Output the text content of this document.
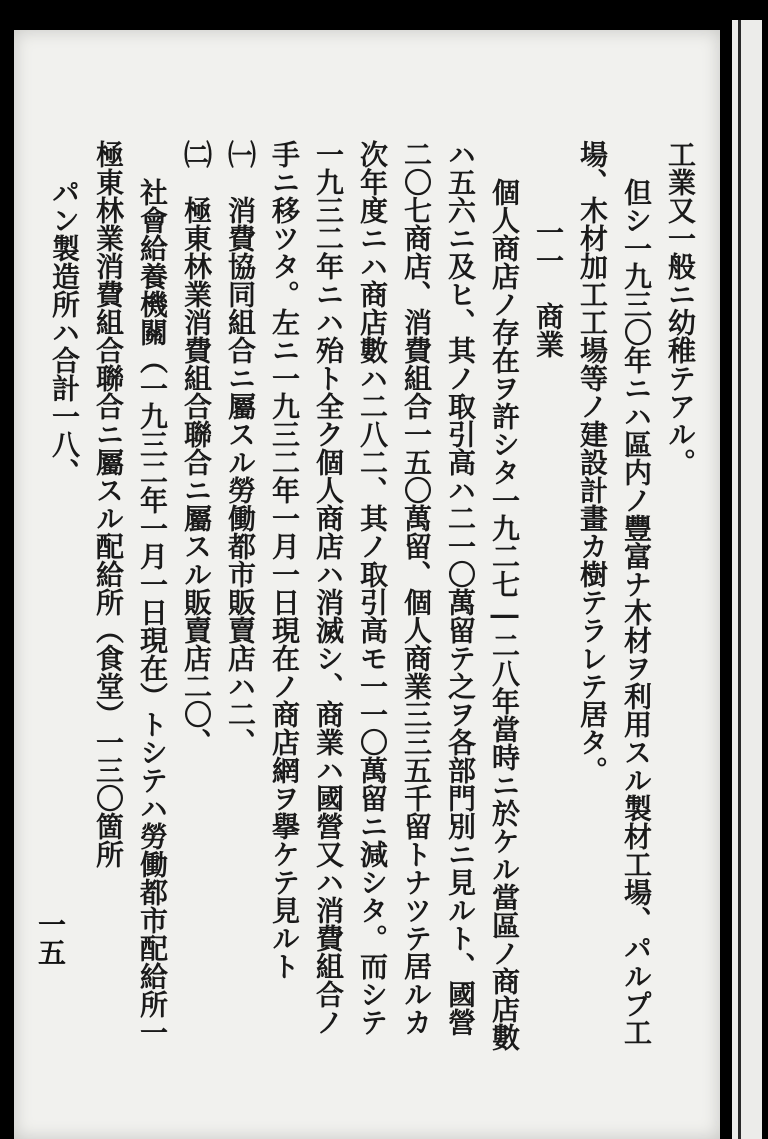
工業又一般ニ幼稚テアル。
但シ一九三〇年ニハ區内ノ豐富ナ木材ヲ利用スル製材工場、パルプ工
場、木材加工工場等ノ建設計畫カ樹テラレテ居タ。
一一　商業
個人商店ノ存在ヲ許シタ一九二七―二八年當時ニ於ケル當區ノ商店數
ハ五六ニ及ヒ、其ノ取引高ハ二一〇萬留テ之ヲ各部門別ニ見ルト、國營
二〇七商店、消費組合一五〇萬留、個人商業三三五千留トナツテ居ルカ
次年度ニハ商店數ハ二八二、其ノ取引高モ一一〇萬留ニ減シタ。而シテ
一九三二年ニハ殆ト全ク個人商店ハ消滅シ、商業ハ國營又ハ消費組合ノ
手ニ移ツタ。左ニ一九三二年一月一日現在ノ商店網ヲ擧ケテ見ルト
㈠　消費協同組合ニ屬スル勞働都市販賣店ハ二、
㈡　極東林業消費組合聯合ニ屬スル販賣店二〇、
社會給養機關（一九三二年一月一日現在）トシテハ勞働都市配給所一
極東林業消費組合聯合ニ屬スル配給所（食堂）一三〇箇所
パン製造所ハ合計一八、
一五
